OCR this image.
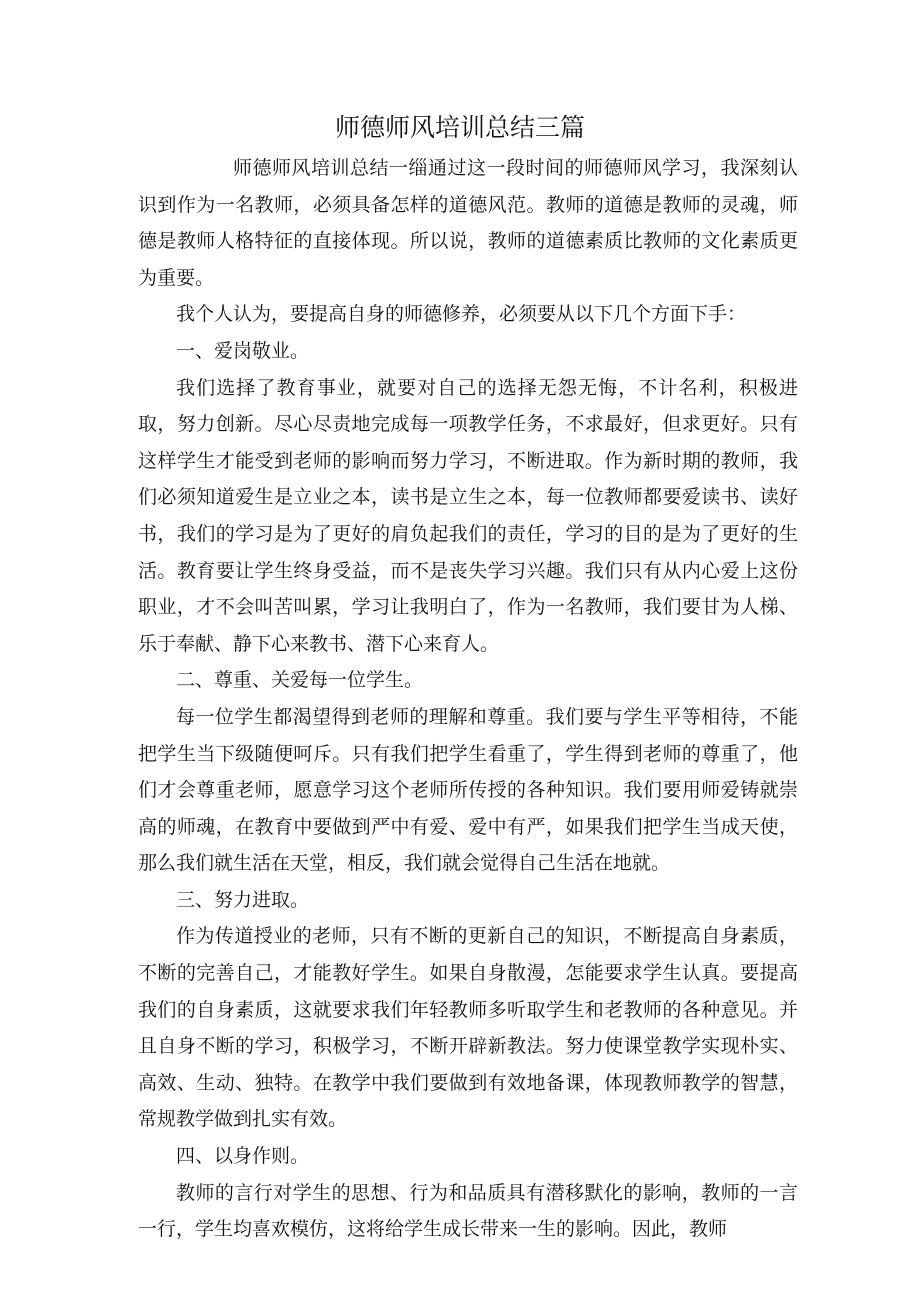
师德师风培训总结三篇

师德师风培训总结一缁通过这一段时间的师德师风学习，我深刻认识到作为一名教师，必须具备怎样的道德风范。教师的道德是教师的灵魂，师德是教师人格特征的直接体现。所以说，教师的道德素质比教师的文化素质更为重要。

我个人认为，要提高自身的师德修养，必须要从以下几个方面下手：

一、爱岗敬业。

我们选择了教育事业，就要对自己的选择无怨无悔，不计名利，积极进取，努力创新。尽心尽责地完成每一项教学任务，不求最好，但求更好。只有这样学生才能受到老师的影响而努力学习，不断进取。作为新时期的教师，我们必须知道爱生是立业之本，读书是立生之本，每一位教师都要爱读书、读好书，我们的学习是为了更好的肩负起我们的责任，学习的目的是为了更好的生活。教育要让学生终身受益，而不是丧失学习兴趣。我们只有从内心爱上这份职业，才不会叫苦叫累，学习让我明白了，作为一名教师，我们要甘为人梯、乐于奉献、静下心来教书、潜下心来育人。

二、尊重、关爱每一位学生。

每一位学生都渴望得到老师的理解和尊重。我们要与学生平等相待，不能把学生当下级随便呵斥。只有我们把学生看重了，学生得到老师的尊重了，他们才会尊重老师，愿意学习这个老师所传授的各种知识。我们要用师爱铸就崇高的师魂，在教育中要做到严中有爱、爱中有严，如果我们把学生当成天使，那么我们就生活在天堂，相反，我们就会觉得自己生活在地就。

三、努力进取。

作为传道授业的老师，只有不断的更新自己的知识，不断提高自身素质，不断的完善自己，才能教好学生。如果自身散漫，怎能要求学生认真。要提高我们的自身素质，这就要求我们年轻教师多听取学生和老教师的各种意见。并且自身不断的学习，积极学习，不断开辟新教法。努力使课堂教学实现朴实、高效、生动、独特。在教学中我们要做到有效地备课，体现教师教学的智慧，常规教学做到扎实有效。

四、以身作则。

教师的言行对学生的思想、行为和品质具有潜移默化的影响，教师的一言一行，学生均喜欢模仿，这将给学生成长带来一生的影响。因此，教师
